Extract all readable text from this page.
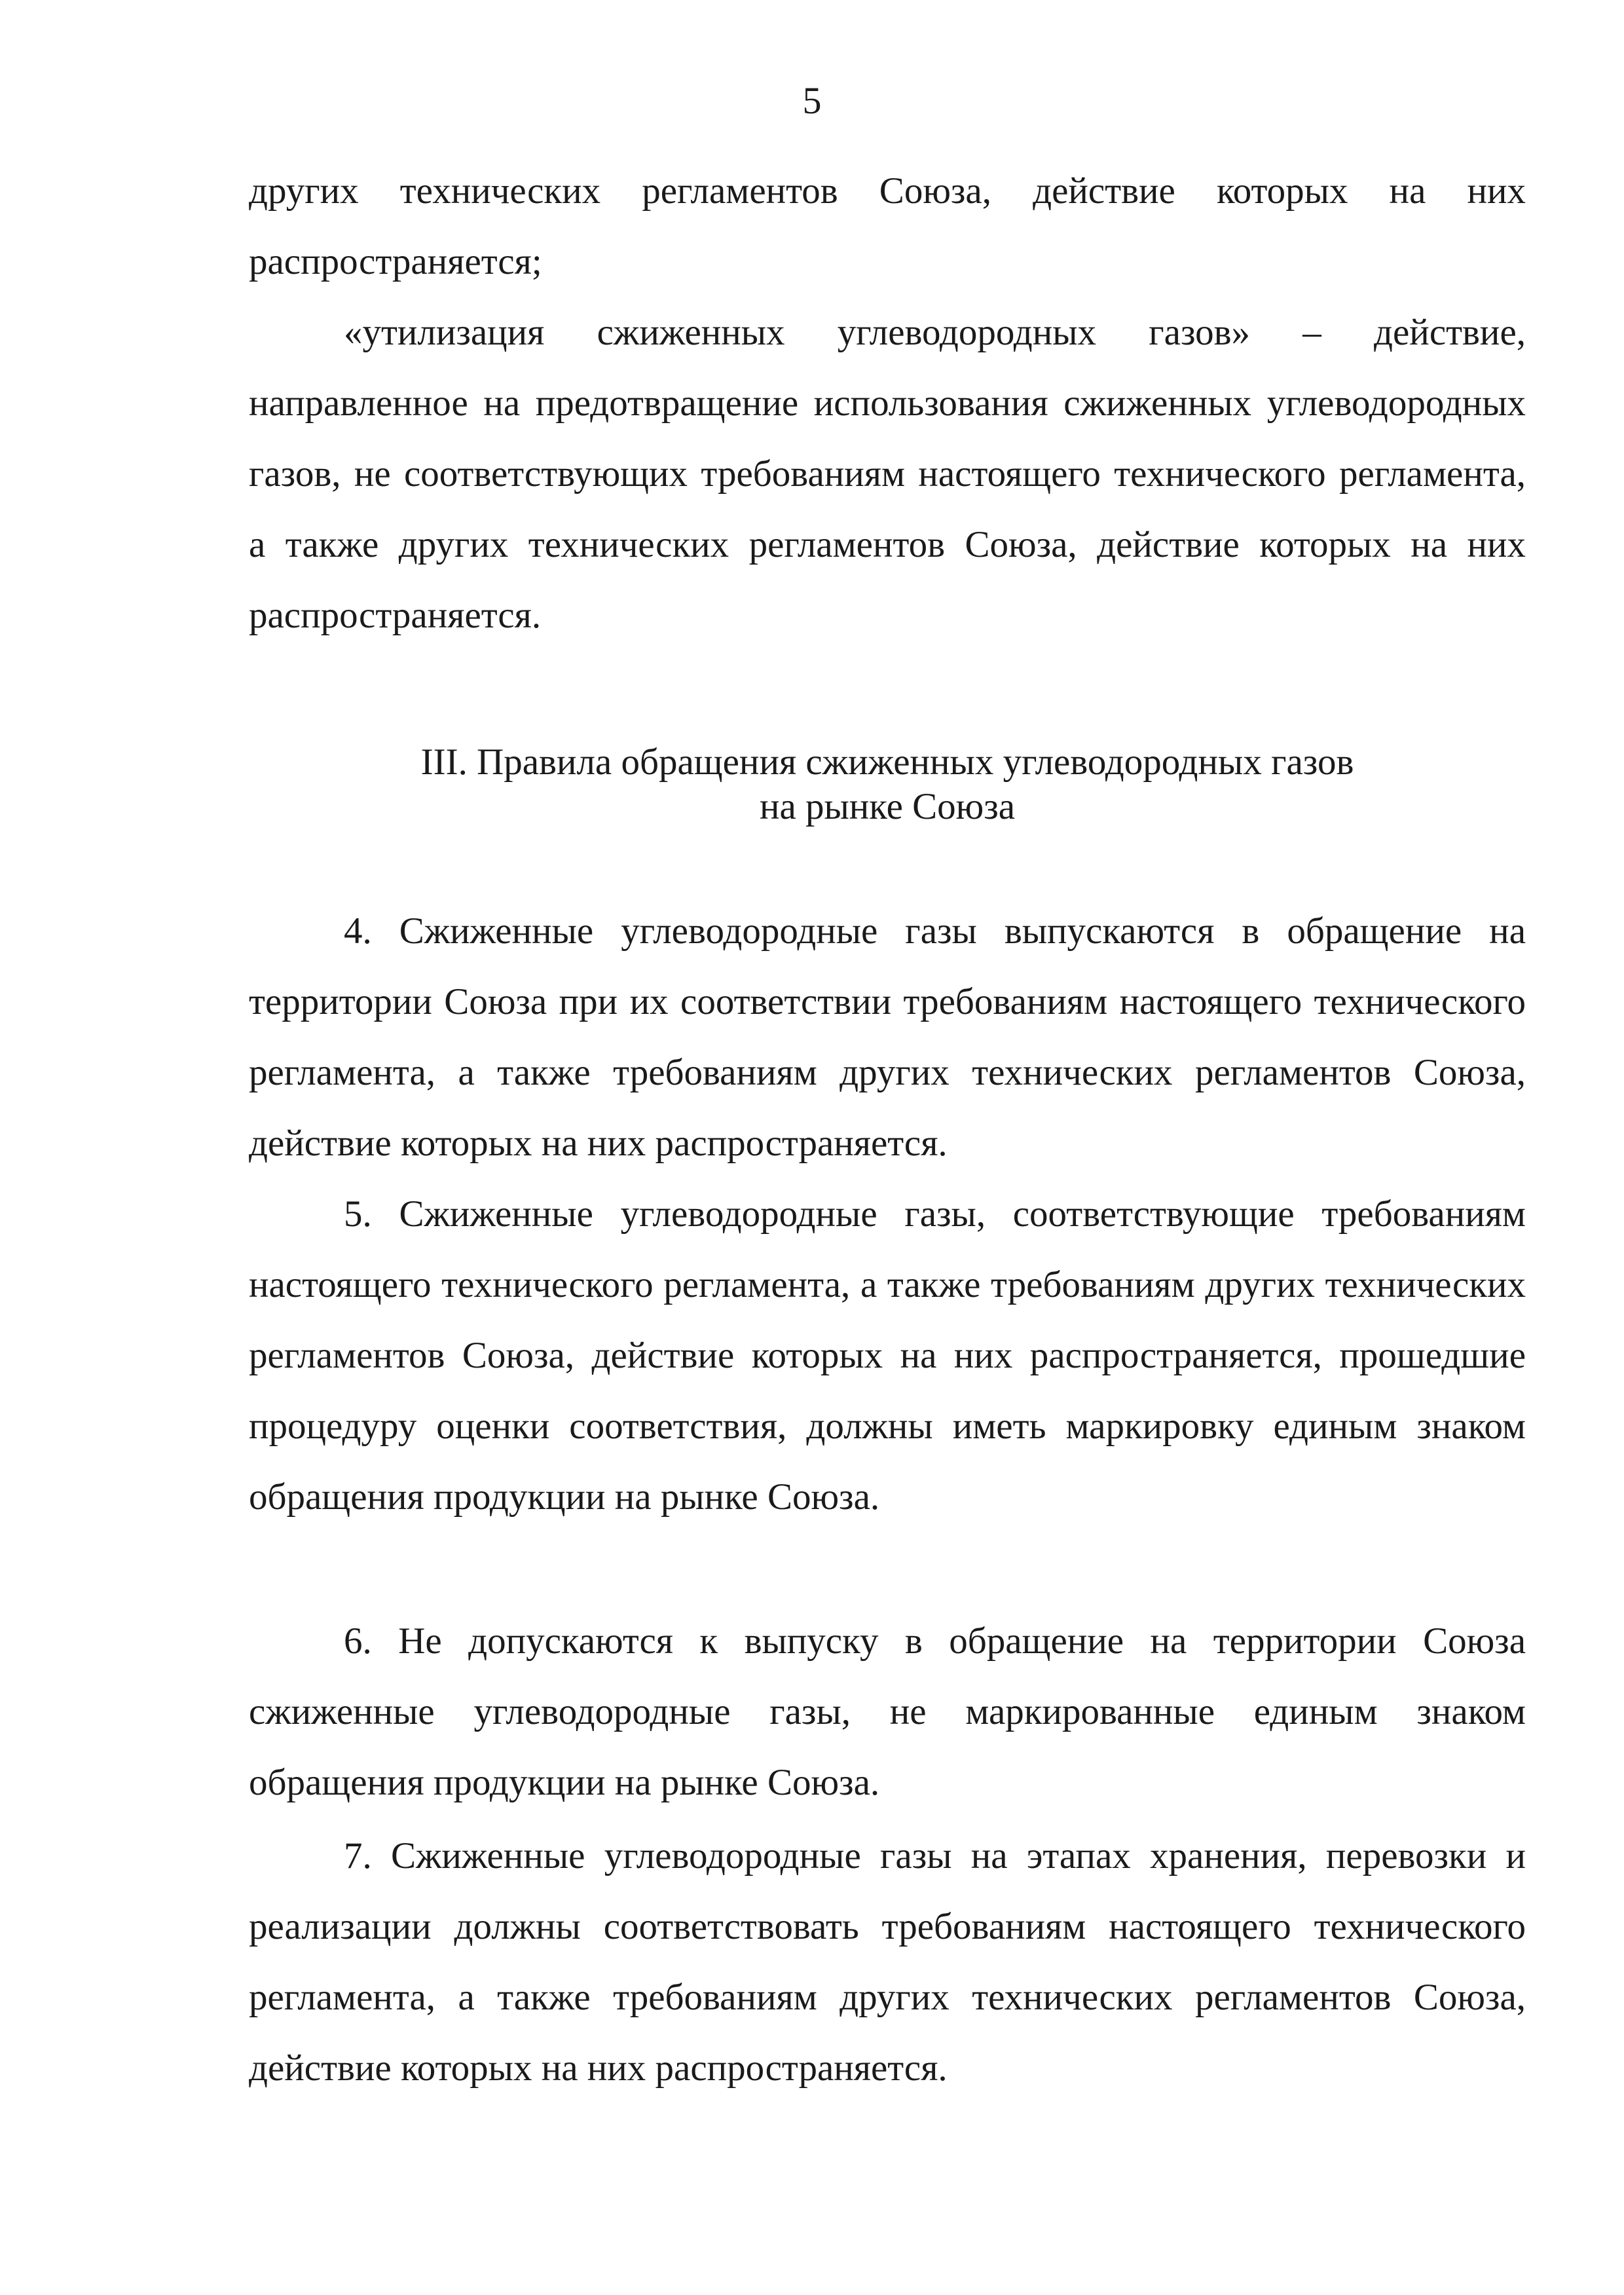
5
других технических регламентов Союза, действие которых на них распространяется;
«утилизация сжиженных углеводородных газов» – действие, направленное на предотвращение использования сжиженных углеводородных газов, не соответствующих требованиям настоящего технического регламента, а также других технических регламентов Союза, действие которых на них распространяется.
III. Правила обращения сжиженных углеводородных газов
на рынке Союза
4. Сжиженные углеводородные газы выпускаются в обращение на территории Союза при их соответствии требованиям настоящего технического регламента, а также требованиям других технических регламентов Союза, действие которых на них распространяется.
5. Сжиженные углеводородные газы, соответствующие требованиям настоящего технического регламента, а также требованиям других технических регламентов Союза, действие которых на них распространяется, прошедшие процедуру оценки соответствия, должны иметь маркировку единым знаком обращения продукции на рынке Союза.
6. Не допускаются к выпуску в обращение на территории Союза сжиженные углеводородные газы, не маркированные единым знаком обращения продукции на рынке Союза.
7. Сжиженные углеводородные газы на этапах хранения, перевозки и реализации должны соответствовать требованиям настоящего технического регламента, а также требованиям других технических регламентов Союза, действие которых на них распространяется.
